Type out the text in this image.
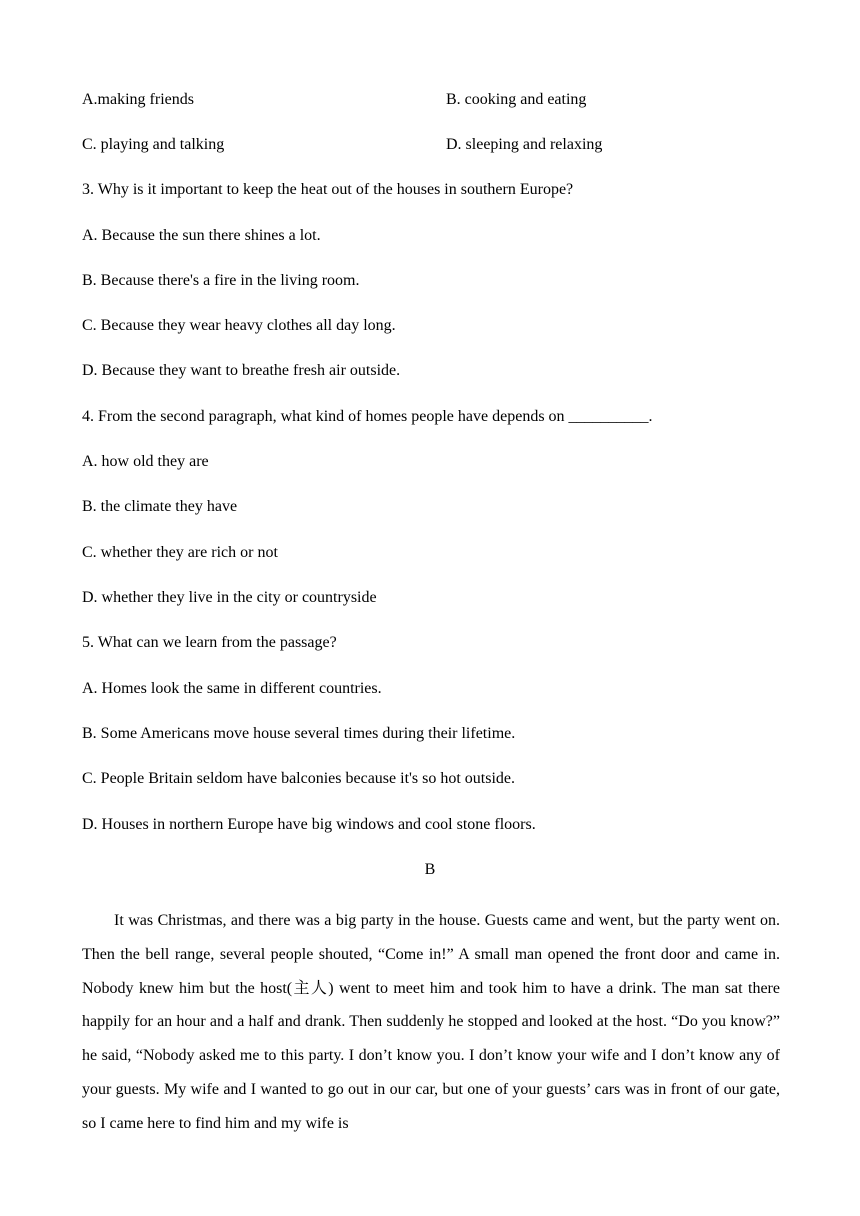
A.making friends	B. cooking and eating
C. playing and talking	D. sleeping and relaxing
3. Why is it important to keep the heat out of the houses in southern Europe?
A. Because the sun there shines a lot.
B. Because there's a fire in the living room.
C. Because they wear heavy clothes all day long.
D. Because they want to breathe fresh air outside.
4. From the second paragraph, what kind of homes people have depends on __________.
A. how old they are
B. the climate they have
C. whether they are rich or not
D. whether they live in the city or countryside
5. What can we learn from the passage?
A. Homes look the same in different countries.
B. Some Americans move house several times during their lifetime.
C. People Britain seldom have balconies because it's so hot outside.
D. Houses in northern Europe have big windows and cool stone floors.
B

It was Christmas, and there was a big party in the house. Guests came and went, but the party went on. Then the bell range, several people shouted, “Come in!” A small man opened the front door and came in. Nobody knew him but the host(主人) went to meet him and took him to have a drink. The man sat there happily for an hour and a half and drank. Then suddenly he stopped and looked at the host. “Do you know?” he said, “Nobody asked me to this party. I don’t know you. I don’t know your wife and I don’t know any of your guests. My wife and I wanted to go out in our car, but one of your guests’ cars was in front of our gate, so I came here to find him and my wife is
